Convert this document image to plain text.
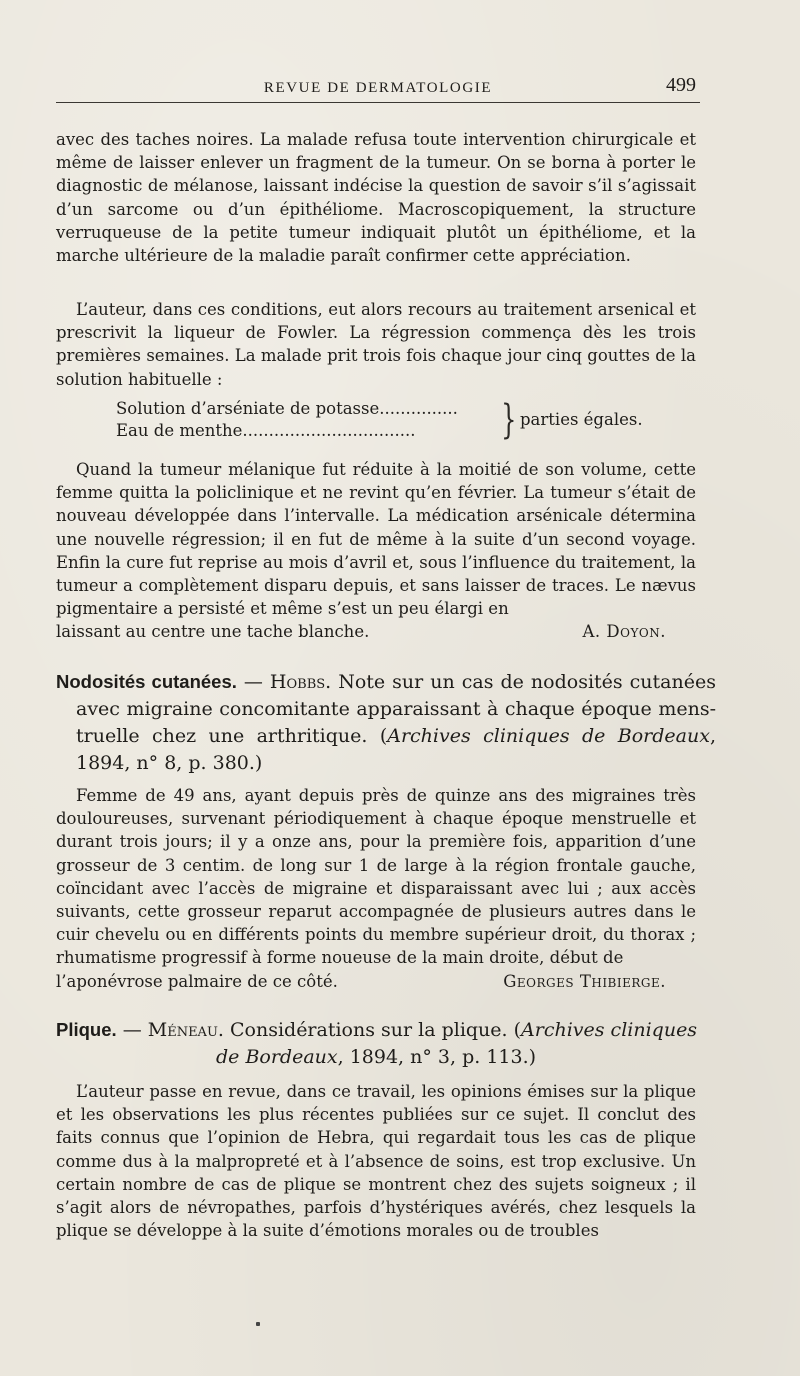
REVUE DE DERMATOLOGIE	499

avec des taches noires. La malade refusa toute intervention chirurgicale et même de laisser enlever un fragment de la tumeur. On se borna à porter le diagnostic de mélanose, laissant indécise la question de savoir s’il s’agissait d’un sarcome ou d’un épithéliome. Macroscopiquement, la structure verruqueuse de la petite tumeur indiquait plutôt un épithéliome, et la marche ultérieure de la maladie paraît confirmer cette appréciation.

L’auteur, dans ces conditions, eut alors recours au traitement arsenical et prescrivit la liqueur de Fowler. La régression commença dès les trois premières semaines. La malade prit trois fois chaque jour cinq gouttes de la solution habituelle :

Solution d’arséniate de potasse...............
Eau de menthe................................. } parties égales.
Quand la tumeur mélanique fut réduite à la moitié de son volume, cette femme quitta la policlinique et ne revint qu’en février. La tumeur s’était de nouveau développée dans l’intervalle. La médication arsénicale détermina une nouvelle régression; il en fut de même à la suite d’un second voyage. Enfin la cure fut reprise au mois d’avril et, sous l’influence du traitement, la tumeur a complètement disparu depuis, et sans laisser de traces. Le nævus pigmentaire a persisté et même s’est un peu élargi en
laissant au centre une tache blanche.	A. Doyon.

Nodosités cutanées. — Hobbs. Note sur un cas de nodosités cutanées avec migraine concomitante apparaissant à chaque époque menstruelle chez une arthritique. (Archives cliniques de Bordeaux, 1894, n° 8, p. 380.)

Femme de 49 ans, ayant depuis près de quinze ans des migraines très douloureuses, survenant périodiquement à chaque époque menstruelle et durant trois jours; il y a onze ans, pour la première fois, apparition d’une grosseur de 3 centim. de long sur 1 de large à la région frontale gauche, coïncidant avec l’accès de migraine et disparaissant avec lui ; aux accès suivants, cette grosseur reparut accompagnée de plusieurs autres dans le cuir chevelu ou en différents points du membre supérieur droit, du thorax ; rhumatisme progressif à forme noueuse de la main droite, début de
l’aponévrose palmaire de ce côté.	Georges Thibierge.

Plique. — Méneau. Considérations sur la plique. (Archives cliniques
de Bordeaux, 1894, n° 3, p. 113.)

L’auteur passe en revue, dans ce travail, les opinions émises sur la plique et les observations les plus récentes publiées sur ce sujet. Il conclut des faits connus que l’opinion de Hebra, qui regardait tous les cas de plique comme dus à la malpropreté et à l’absence de soins, est trop exclusive. Un certain nombre de cas de plique se montrent chez des sujets soigneux ; il s’agit alors de névropathes, parfois d’hystériques avérés, chez lesquels la plique se développe à la suite d’émotions morales ou de troubles
